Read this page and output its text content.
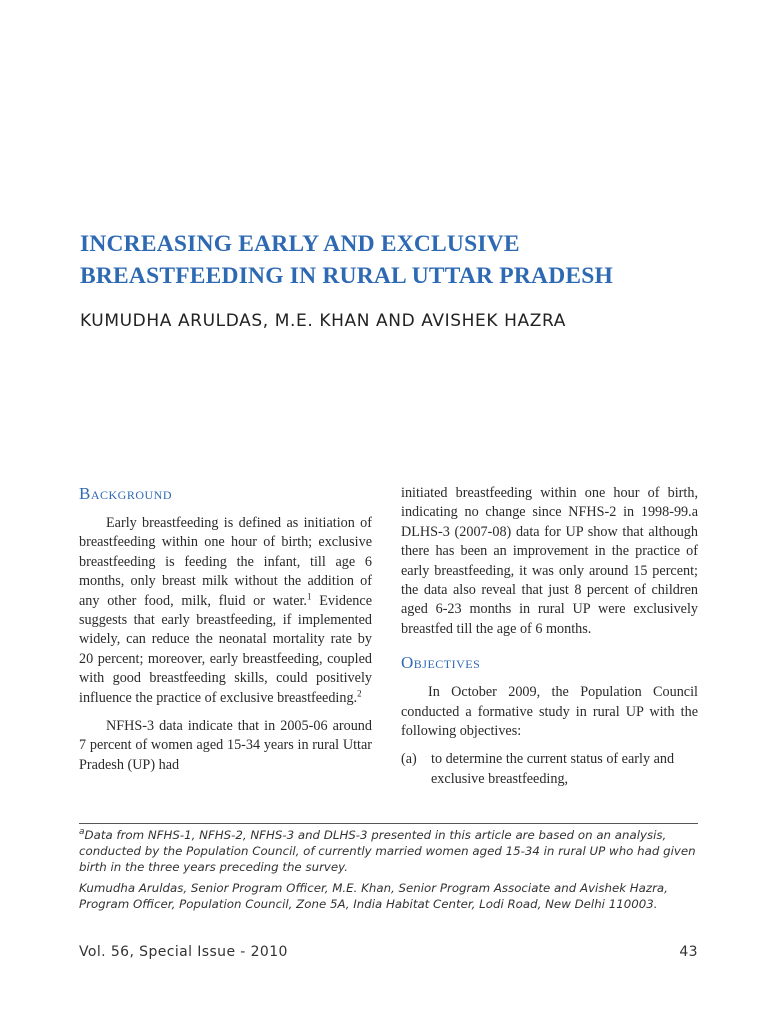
INCREASING EARLY AND EXCLUSIVE
BREASTFEEDING IN RURAL UTTAR PRADESH
KUMUDHA ARULDAS, M.E. KHAN AND AVISHEK HAZRA
Background

Early breastfeeding is defined as initiation of breastfeeding within one hour of birth; exclusive breastfeeding is feeding the infant, till age 6 months, only breast milk without the addition of any other food, milk, fluid or water.$^1$ Evidence suggests that early breastfeeding, if implemented widely, can reduce the neonatal mortality rate by 20 percent; moreover, early breastfeeding, coupled with good breastfeeding skills, could positively influence the practice of exclusive breastfeeding.$^2$

NFHS-3 data indicate that in 2005-06 around 7 percent of women aged 15-34 years in rural Uttar Pradesh (UP) had

initiated breastfeeding within one hour of birth, indicating no change since NFHS-2 in 1998-99.a DLHS-3 (2007-08) data for UP show that although there has been an improvement in the practice of early breastfeeding, it was only around 15 percent; the data also reveal that just 8 percent of children aged 6-23 months in rural UP were exclusively breastfed till the age of 6 months.

Objectives

In October 2009, the Population Council conducted a formative study in rural UP with the following objectives:

(a)	to determine the current status of early and exclusive breastfeeding,

$^a$Data from NFHS-1, NFHS-2, NFHS-3 and DLHS-3 presented in this article are based on an analysis, conducted by the Population Council, of currently married women aged 15-34 in rural UP who had given birth in the three years preceding the survey.

Kumudha Aruldas, Senior Program Officer, M.E. Khan, Senior Program Associate and Avishek Hazra, Program Officer, Population Council, Zone 5A, India Habitat Center, Lodi Road, New Delhi 110003.

Vol. 56, Special Issue - 2010	43
